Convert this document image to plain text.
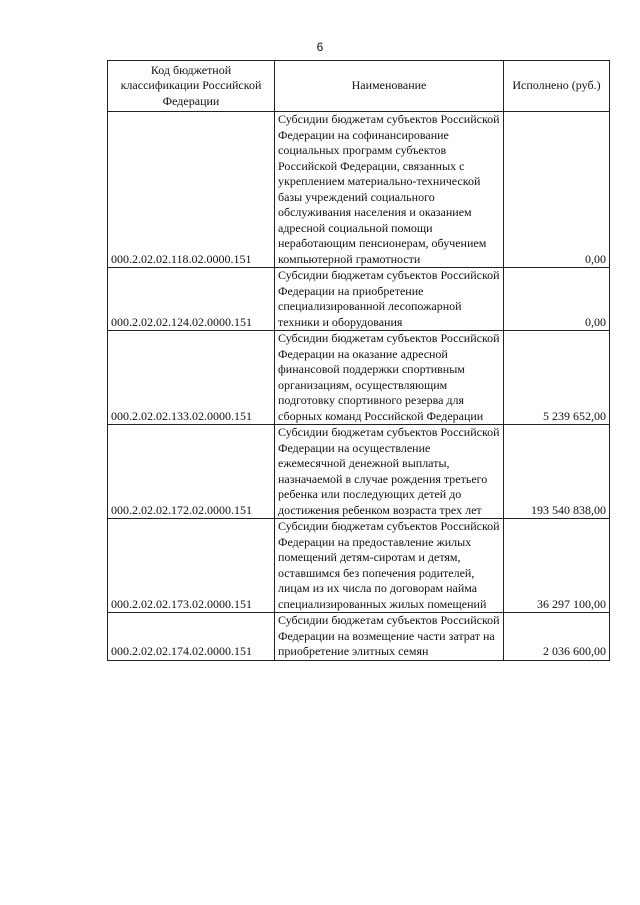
6
Код бюджетной классификации Российской Федерации	Наименование	Исполнено (руб.)
000.2.02.02.118.02.0000.151	Субсидии бюджетам субъектов Российской Федерации на софинансирование социальных программ субъектов Российской Федерации, связанных с укреплением материально-технической базы учреждений социального обслуживания населения и оказанием адресной социальной помощи неработающим пенсионерам, обучением компьютерной грамотности	0,00
000.2.02.02.124.02.0000.151	Субсидии бюджетам субъектов Российской Федерации на приобретение специализированной лесопожарной техники и оборудования	0,00
000.2.02.02.133.02.0000.151	Субсидии бюджетам субъектов Российской Федерации на оказание адресной финансовой поддержки спортивным организациям, осуществляющим подготовку спортивного резерва для сборных команд Российской Федерации	5 239 652,00
000.2.02.02.172.02.0000.151	Субсидии бюджетам субъектов Российской Федерации на осуществление ежемесячной денежной выплаты, назначаемой в случае рождения третьего ребенка или последующих детей до достижения ребенком возраста трех лет	193 540 838,00
000.2.02.02.173.02.0000.151	Субсидии бюджетам субъектов Российской Федерации на предоставление жилых помещений детям-сиротам и детям, оставшимся без попечения родителей, лицам из их числа по договорам найма специализированных жилых помещений	36 297 100,00
000.2.02.02.174.02.0000.151	Субсидии бюджетам субъектов Российской Федерации на возмещение части затрат на приобретение элитных семян	2 036 600,00
